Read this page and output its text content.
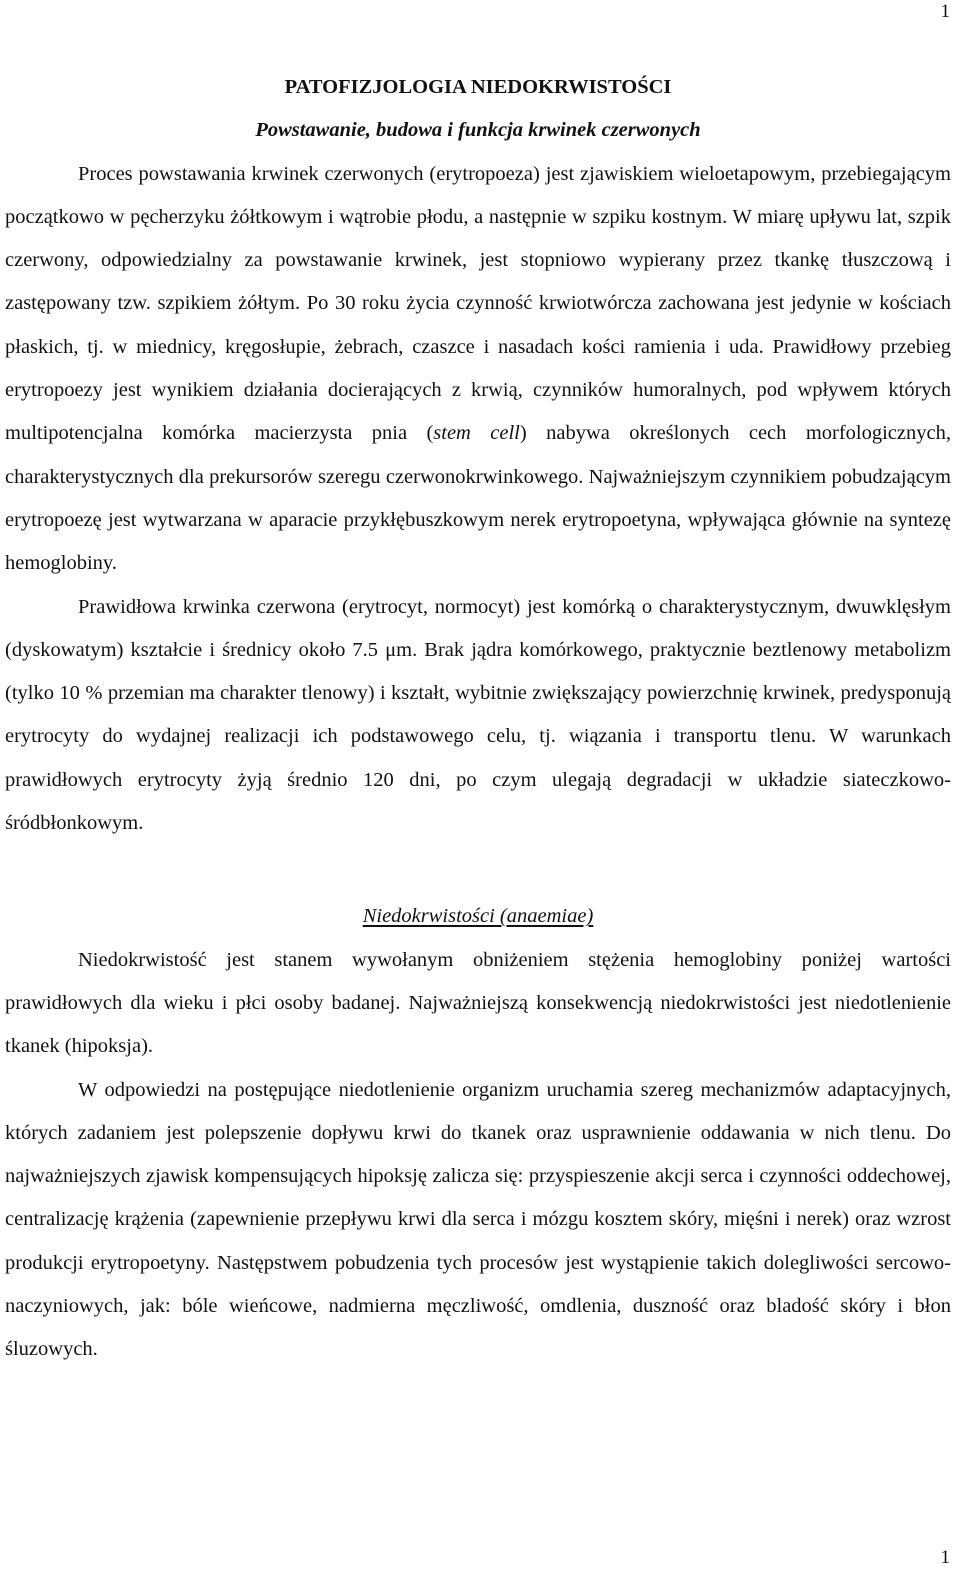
1
PATOFIZJOLOGIA NIEDOKRWISTOŚCI
Powstawanie, budowa i funkcja krwinek czerwonych

Proces powstawania krwinek czerwonych (erytropoeza) jest zjawiskiem wieloetapowym, przebiegającym początkowo w pęcherzyku żółtkowym i wątrobie płodu, a następnie w szpiku kostnym. W miarę upływu lat, szpik czerwony, odpowiedzialny za powstawanie krwinek, jest stopniowo wypierany przez tkankę tłuszczową i zastępowany tzw. szpikiem żółtym. Po 30 roku życia czynność krwiotwórcza zachowana jest jedynie w kościach płaskich, tj. w miednicy, kręgosłupie, żebrach, czaszce i nasadach kości ramienia i uda. Prawidłowy przebieg erytropoezy jest wynikiem działania docierających z krwią, czynników humoralnych, pod wpływem których multipotencjalna komórka macierzysta pnia (stem cell) nabywa określonych cech morfologicznych, charakterystycznych dla prekursorów szeregu czerwonokrwinkowego. Najważniejszym czynnikiem pobudzającym erytropoezę jest wytwarzana w aparacie przykłębuszkowym nerek erytropoetyna, wpływająca głównie na syntezę hemoglobiny.

Prawidłowa krwinka czerwona (erytrocyt, normocyt) jest komórką o charakterystycznym, dwuwklęsłym (dyskowatym) kształcie i średnicy około 7.5 μm. Brak jądra komórkowego, praktycznie beztlenowy metabolizm (tylko 10 % przemian ma charakter tlenowy) i kształt, wybitnie zwiększający powierzchnię krwinek, predysponują erytrocyty do wydajnej realizacji ich podstawowego celu, tj. wiązania i transportu tlenu. W warunkach prawidłowych erytrocyty żyją średnio 120 dni, po czym ulegają degradacji w układzie siateczkowo-śródbłonkowym.

Niedokrwistości (anaemiae)

Niedokrwistość jest stanem wywołanym obniżeniem stężenia hemoglobiny poniżej wartości prawidłowych dla wieku i płci osoby badanej. Najważniejszą konsekwencją niedokrwistości jest niedotlenienie tkanek (hipoksja).

W odpowiedzi na postępujące niedotlenienie organizm uruchamia szereg mechanizmów adaptacyjnych, których zadaniem jest polepszenie dopływu krwi do tkanek oraz usprawnienie oddawania w nich tlenu. Do najważniejszych zjawisk kompensujących hipoksję zalicza się: przyspieszenie akcji serca i czynności oddechowej, centralizację krążenia (zapewnienie przepływu krwi dla serca i mózgu kosztem skóry, mięśni i nerek) oraz wzrost produkcji erytropoetyny. Następstwem pobudzenia tych procesów jest wystąpienie takich dolegliwości sercowo-naczyniowych, jak: bóle wieńcowe, nadmierna męczliwość, omdlenia, duszność oraz bladość skóry i błon śluzowych.

1
